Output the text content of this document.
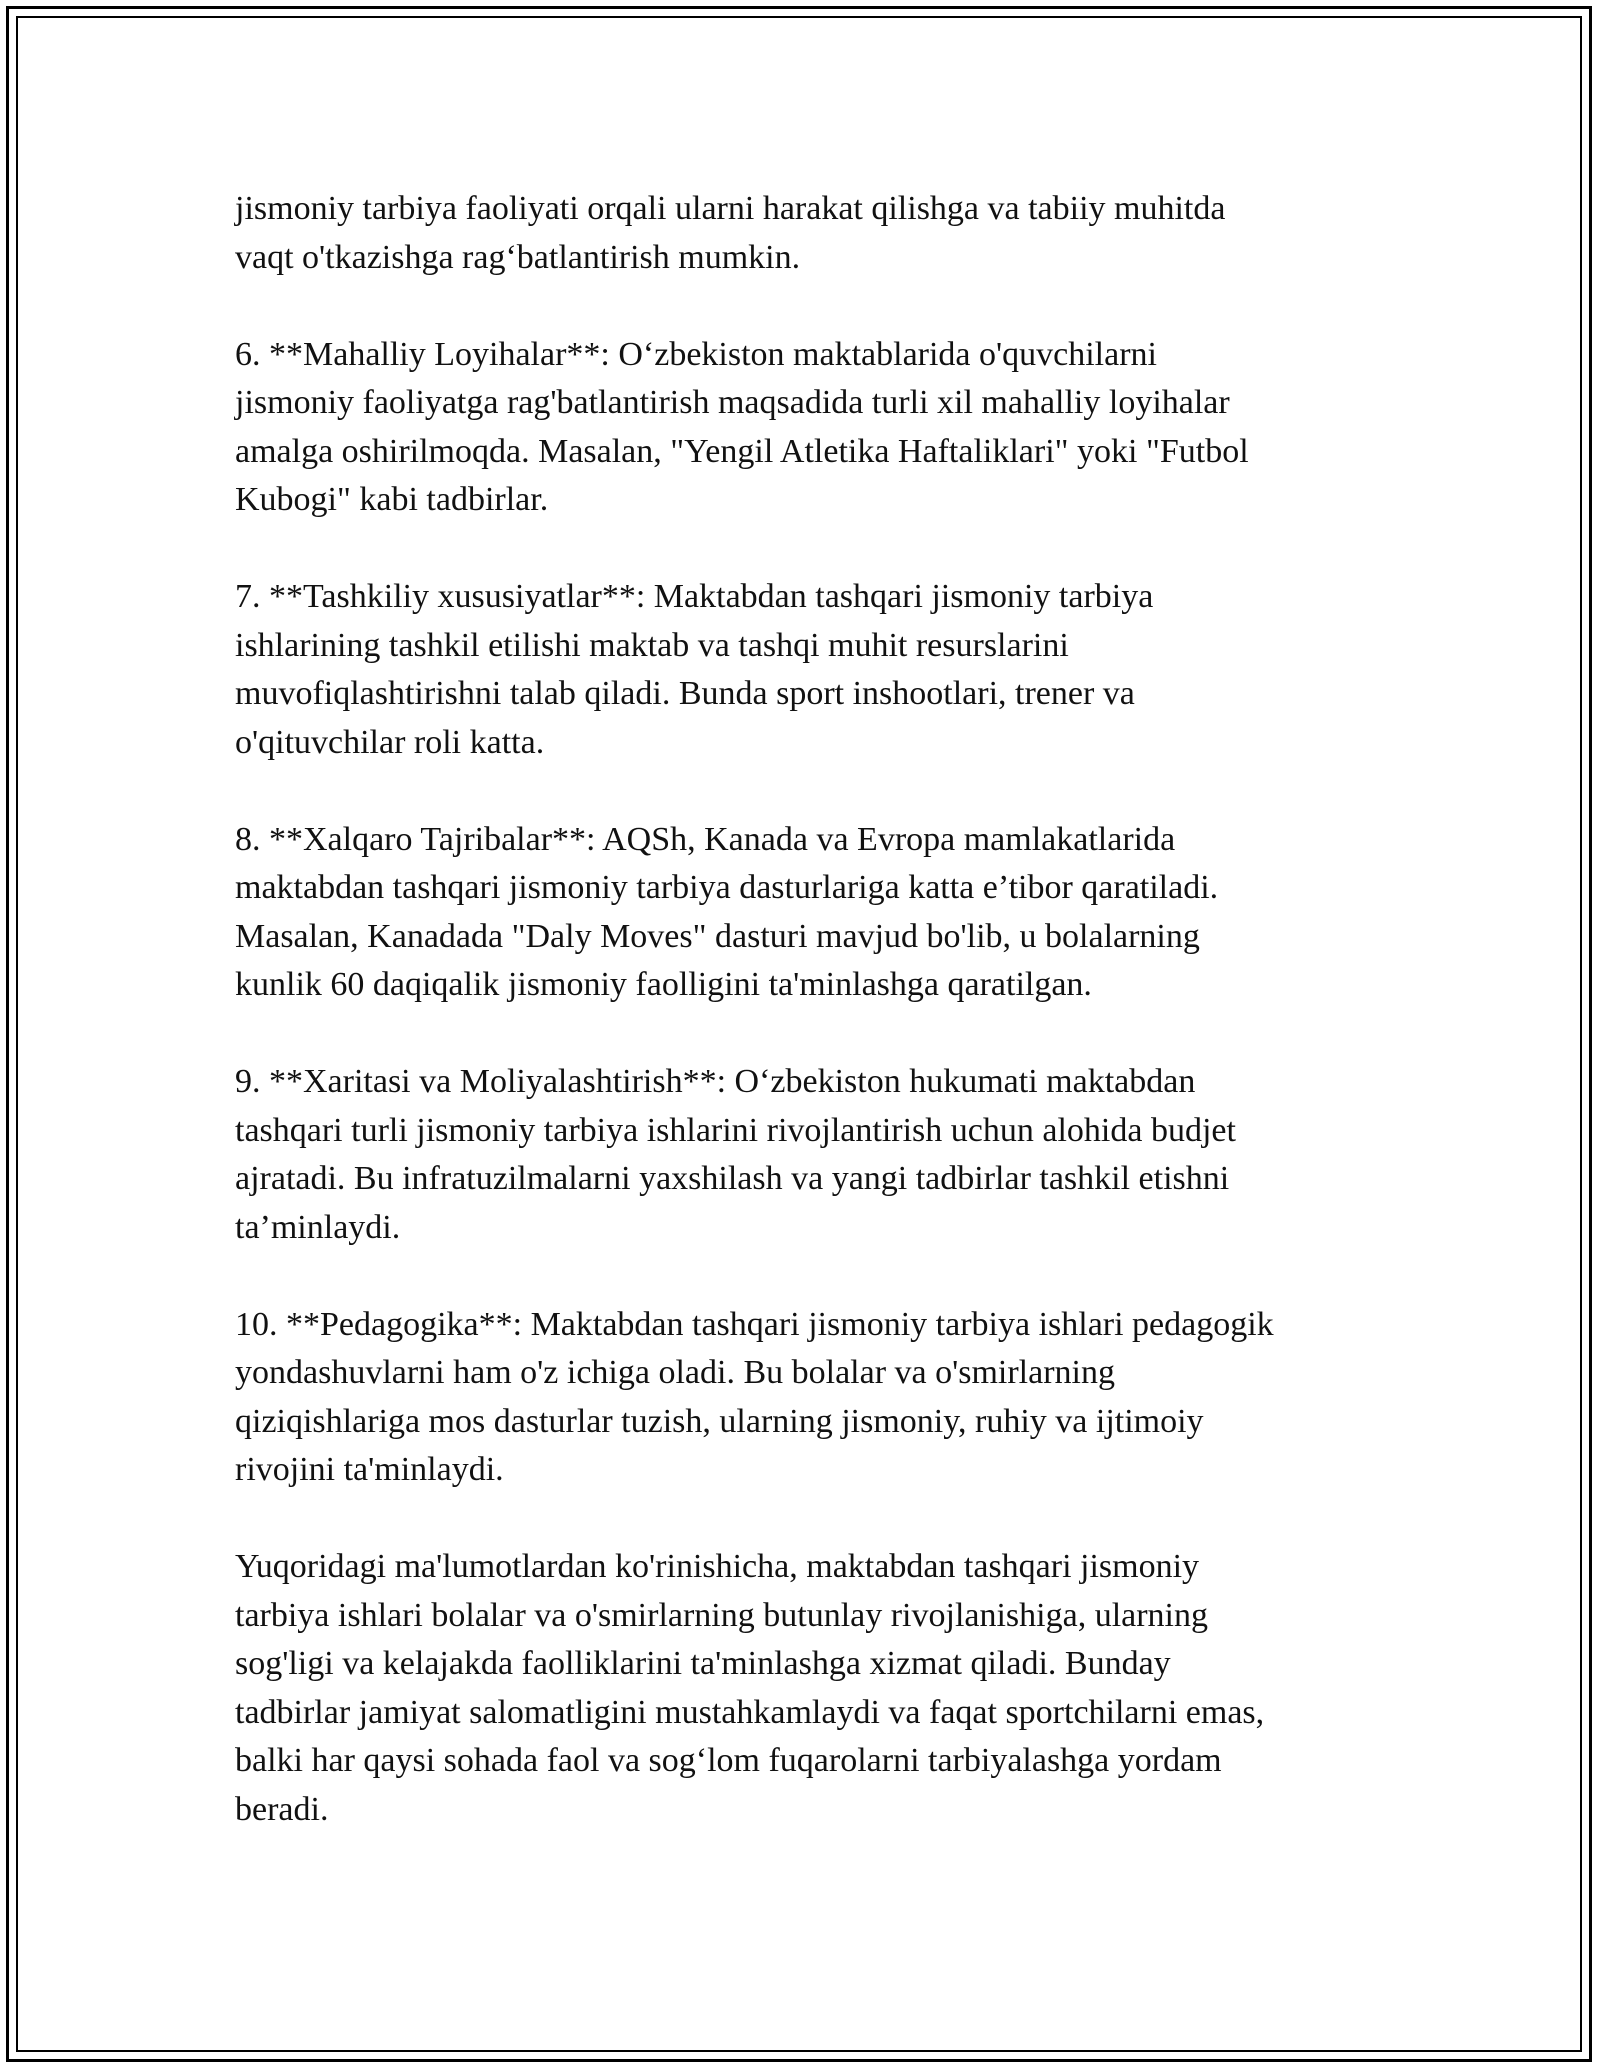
jismoniy tarbiya faoliyati orqali ularni harakat qilishga va tabiiy muhitda
vaqt o'tkazishga rag‘batlantirish mumkin.

6. **Mahalliy Loyihalar**: O‘zbekiston maktablarida o'quvchilarni
jismoniy faoliyatga rag'batlantirish maqsadida turli xil mahalliy loyihalar
amalga oshirilmoqda. Masalan, "Yengil Atletika Haftaliklari" yoki "Futbol
Kubogi" kabi tadbirlar.

7. **Tashkiliy xususiyatlar**: Maktabdan tashqari jismoniy tarbiya
ishlarining tashkil etilishi maktab va tashqi muhit resurslarini
muvofiqlashtirishni talab qiladi. Bunda sport inshootlari, trener va
o'qituvchilar roli katta.

8. **Xalqaro Tajribalar**: AQSh, Kanada va Evropa mamlakatlarida
maktabdan tashqari jismoniy tarbiya dasturlariga katta e’tibor qaratiladi.
Masalan, Kanadada "Daly Moves" dasturi mavjud bo'lib, u bolalarning
kunlik 60 daqiqalik jismoniy faolligini ta'minlashga qaratilgan.

9. **Xaritasi va Moliyalashtirish**: O‘zbekiston hukumati maktabdan
tashqari turli jismoniy tarbiya ishlarini rivojlantirish uchun alohida budjet
ajratadi. Bu infratuzilmalarni yaxshilash va yangi tadbirlar tashkil etishni
ta’minlaydi.

10. **Pedagogika**: Maktabdan tashqari jismoniy tarbiya ishlari pedagogik
yondashuvlarni ham o'z ichiga oladi. Bu bolalar va o'smirlarning
qiziqishlariga mos dasturlar tuzish, ularning jismoniy, ruhiy va ijtimoiy
rivojini ta'minlaydi.

Yuqoridagi ma'lumotlardan ko'rinishicha, maktabdan tashqari jismoniy
tarbiya ishlari bolalar va o'smirlarning butunlay rivojlanishiga, ularning
sog'ligi va kelajakda faolliklarini ta'minlashga xizmat qiladi. Bunday
tadbirlar jamiyat salomatligini mustahkamlaydi va faqat sportchilarni emas,
balki har qaysi sohada faol va sog‘lom fuqarolarni tarbiyalashga yordam
beradi.
